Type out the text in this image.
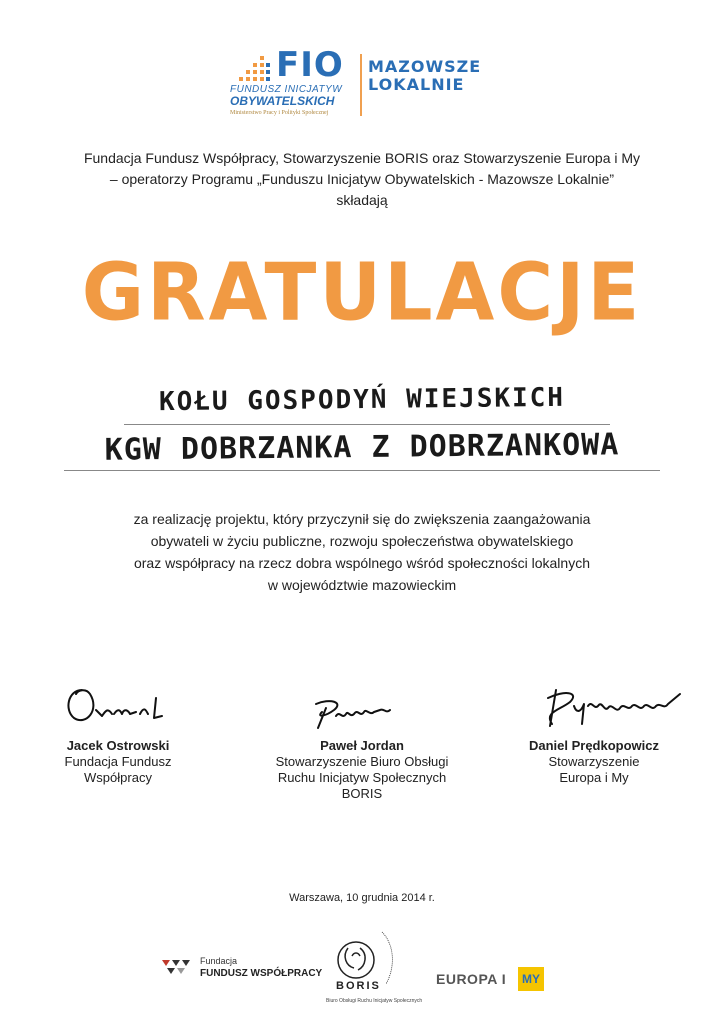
FIO
FUNDUSZ INICJATYW
OBYWATELSKICH
Ministerstwo Pracy i Polityki Społecznej
MAZOWSZE
LOKALNIE
Fundacja Fundusz Współpracy, Stowarzyszenie BORIS oraz Stowarzyszenie Europa i My
– operatorzy Programu „Funduszu Inicjatyw Obywatelskich - Mazowsze Lokalnie”
składają
GRATULACJE
KOŁU GOSPODYŃ WIEJSKICH
KGW DOBRZANKA Z DOBRZANKOWA
za realizację projektu, który przyczynił się do zwiększenia zaangażowania
obywateli w życiu publiczne, rozwoju społeczeństwa obywatelskiego
oraz współpracy na rzecz dobra wspólnego wśród społeczności lokalnych
w województwie mazowieckim
Jacek Ostrowski
Fundacja Fundusz
Współpracy
Paweł Jordan
Stowarzyszenie Biuro Obsługi
Ruchu Inicjatyw Społecznych
BORIS
Daniel Prędkopowicz
Stowarzyszenie
Europa i My
Warszawa, 10 grudnia 2014 r.
Fundacja
FUNDUSZ WSPÓŁPRACY
BORIS
Biuro Obsługi Ruchu Inicjatyw Społecznych
EUROPA I	MY
